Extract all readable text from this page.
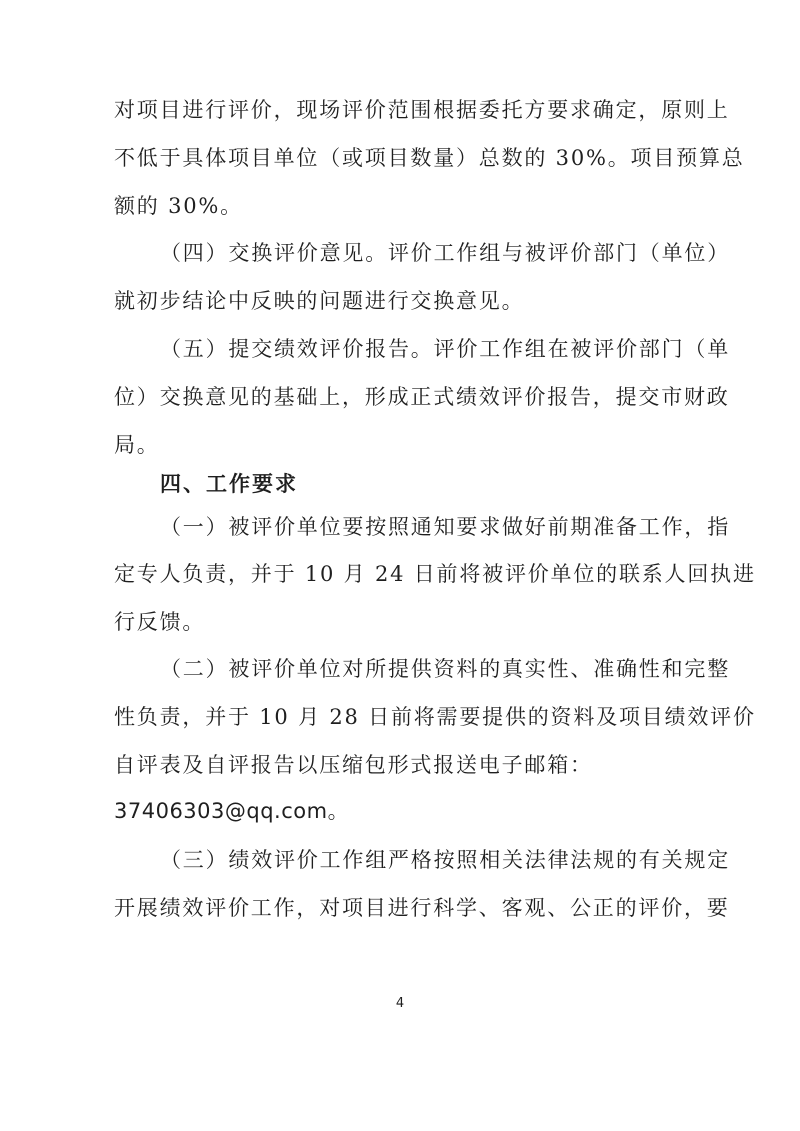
对项目进行评价，现场评价范围根据委托方要求确定，原则上
不低于具体项目单位（或项目数量）总数的 30%。项目预算总
额的 30%。
（四）交换评价意见。评价工作组与被评价部门（单位）
就初步结论中反映的问题进行交换意见。
（五）提交绩效评价报告。评价工作组在被评价部门（单
位）交换意见的基础上，形成正式绩效评价报告，提交市财政
局。
四、工作要求
（一）被评价单位要按照通知要求做好前期准备工作，指
定专人负责，并于 10 月 24 日前将被评价单位的联系人回执进
行反馈。
（二）被评价单位对所提供资料的真实性、准确性和完整
性负责，并于 10 月 28 日前将需要提供的资料及项目绩效评价
自评表及自评报告以压缩包形式报送电子邮箱：
37406303@qq.com。
（三）绩效评价工作组严格按照相关法律法规的有关规定
开展绩效评价工作，对项目进行科学、客观、公正的评价，要
4
